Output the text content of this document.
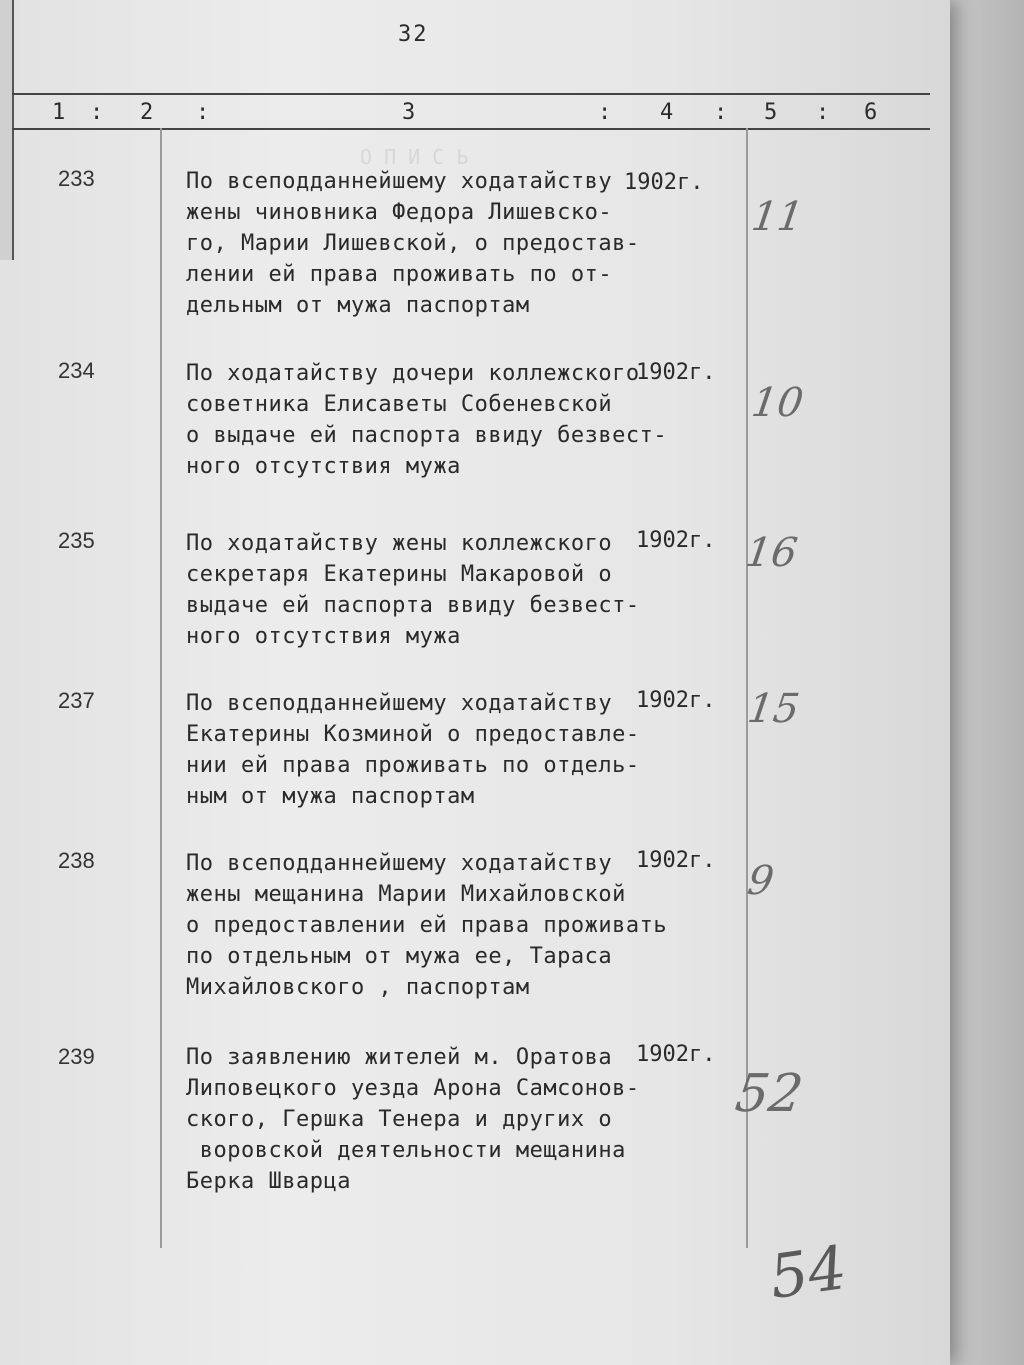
О П И С Ь
32
1 : 2 :	3	: 4 : 5 : 6
233	По всеподданнейшему ходатайству
жены чиновника Федора Лишевско-
го, Марии Лишевской, о предостав-
лении ей права проживать по от-
дельным от мужа паспортам
1902г.
11
234	По ходатайству дочери коллежского
советника Елисаветы Собеневской
о выдаче ей паспорта ввиду безвест-
ного отсутствия мужа
1902г.
10
235	По ходатайству жены коллежского
секретаря Екатерины Макаровой о
выдаче ей паспорта ввиду безвест-
ного отсутствия мужа
1902г. 16
237	По всеподданнейшему ходатайству
Екатерины Козминой о предоставле-
нии ей права проживать по отдель-
ным от мужа паспортам
1902г. 15
238	По всеподданнейшему ходатайству
жены мещанина Марии Михайловской
о предоставлении ей права проживать
по отдельным от мужа ее, Тараса
Михайловского , паспортам
1902г. 9
239	По заявлению жителей м. Оратова
Липовецкого уезда Арона Самсонов-
ского, Гершка Тенера и других о
воровской деятельности мещанина
Берка Шварца
1902г.
52
54
